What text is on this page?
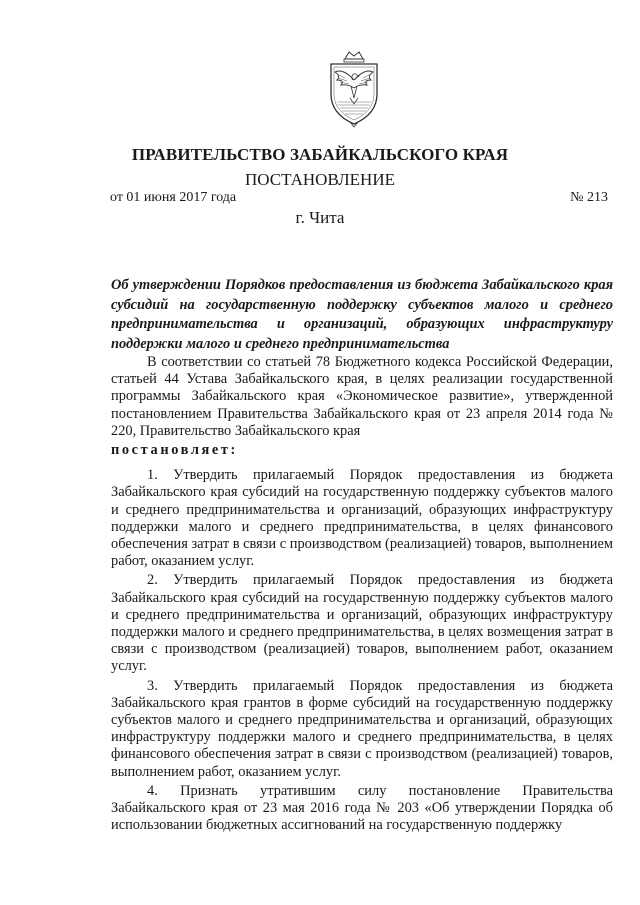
ПРАВИТЕЛЬСТВО ЗАБАЙКАЛЬСКОГО КРАЯ
ПОСТАНОВЛЕНИЕ
от 01 июня 2017 года	№ 213
г. Чита
Об утверждении Порядков предоставления из бюджета Забайкальского края субсидий на государственную поддержку субъектов малого и среднего предпринимательства и организаций, образующих инфраструктуру поддержки малого и среднего предпринимательства

В соответствии со статьей 78 Бюджетного кодекса Российской Федерации, статьей 44 Устава Забайкальского края, в целях реализации государственной программы Забайкальского края «Экономическое развитие», утвержденной постановлением Правительства Забайкальского края от 23 апреля 2014 года № 220, Правительство Забайкальского края

постановляет:

1. Утвердить прилагаемый Порядок предоставления из бюджета Забайкальского края субсидий на государственную поддержку субъектов малого и среднего предпринимательства и организаций, образующих инфраструктуру поддержки малого и среднего предпринимательства, в целях финансового обеспечения затрат в связи с производством (реализацией) товаров, выполнением работ, оказанием услуг.

2. Утвердить прилагаемый Порядок предоставления из бюджета Забайкальского края субсидий на государственную поддержку субъектов малого и среднего предпринимательства и организаций, образующих инфраструктуру поддержки малого и среднего предпринимательства, в целях возмещения затрат в связи с производством (реализацией) товаров, выполнением работ, оказанием услуг.

3. Утвердить прилагаемый Порядок предоставления из бюджета Забайкальского края грантов в форме субсидий на государственную поддержку субъектов малого и среднего предпринимательства и организаций, образующих инфраструктуру поддержки малого и среднего предпринимательства, в целях финансового обеспечения затрат в связи с производством (реализацией) товаров, выполнением работ, оказанием услуг.

4. Признать утратившим силу постановление Правительства Забайкальского края от 23 мая 2016 года № 203 «Об утверждении Порядка об использовании бюджетных ассигнований на государственную поддержку
